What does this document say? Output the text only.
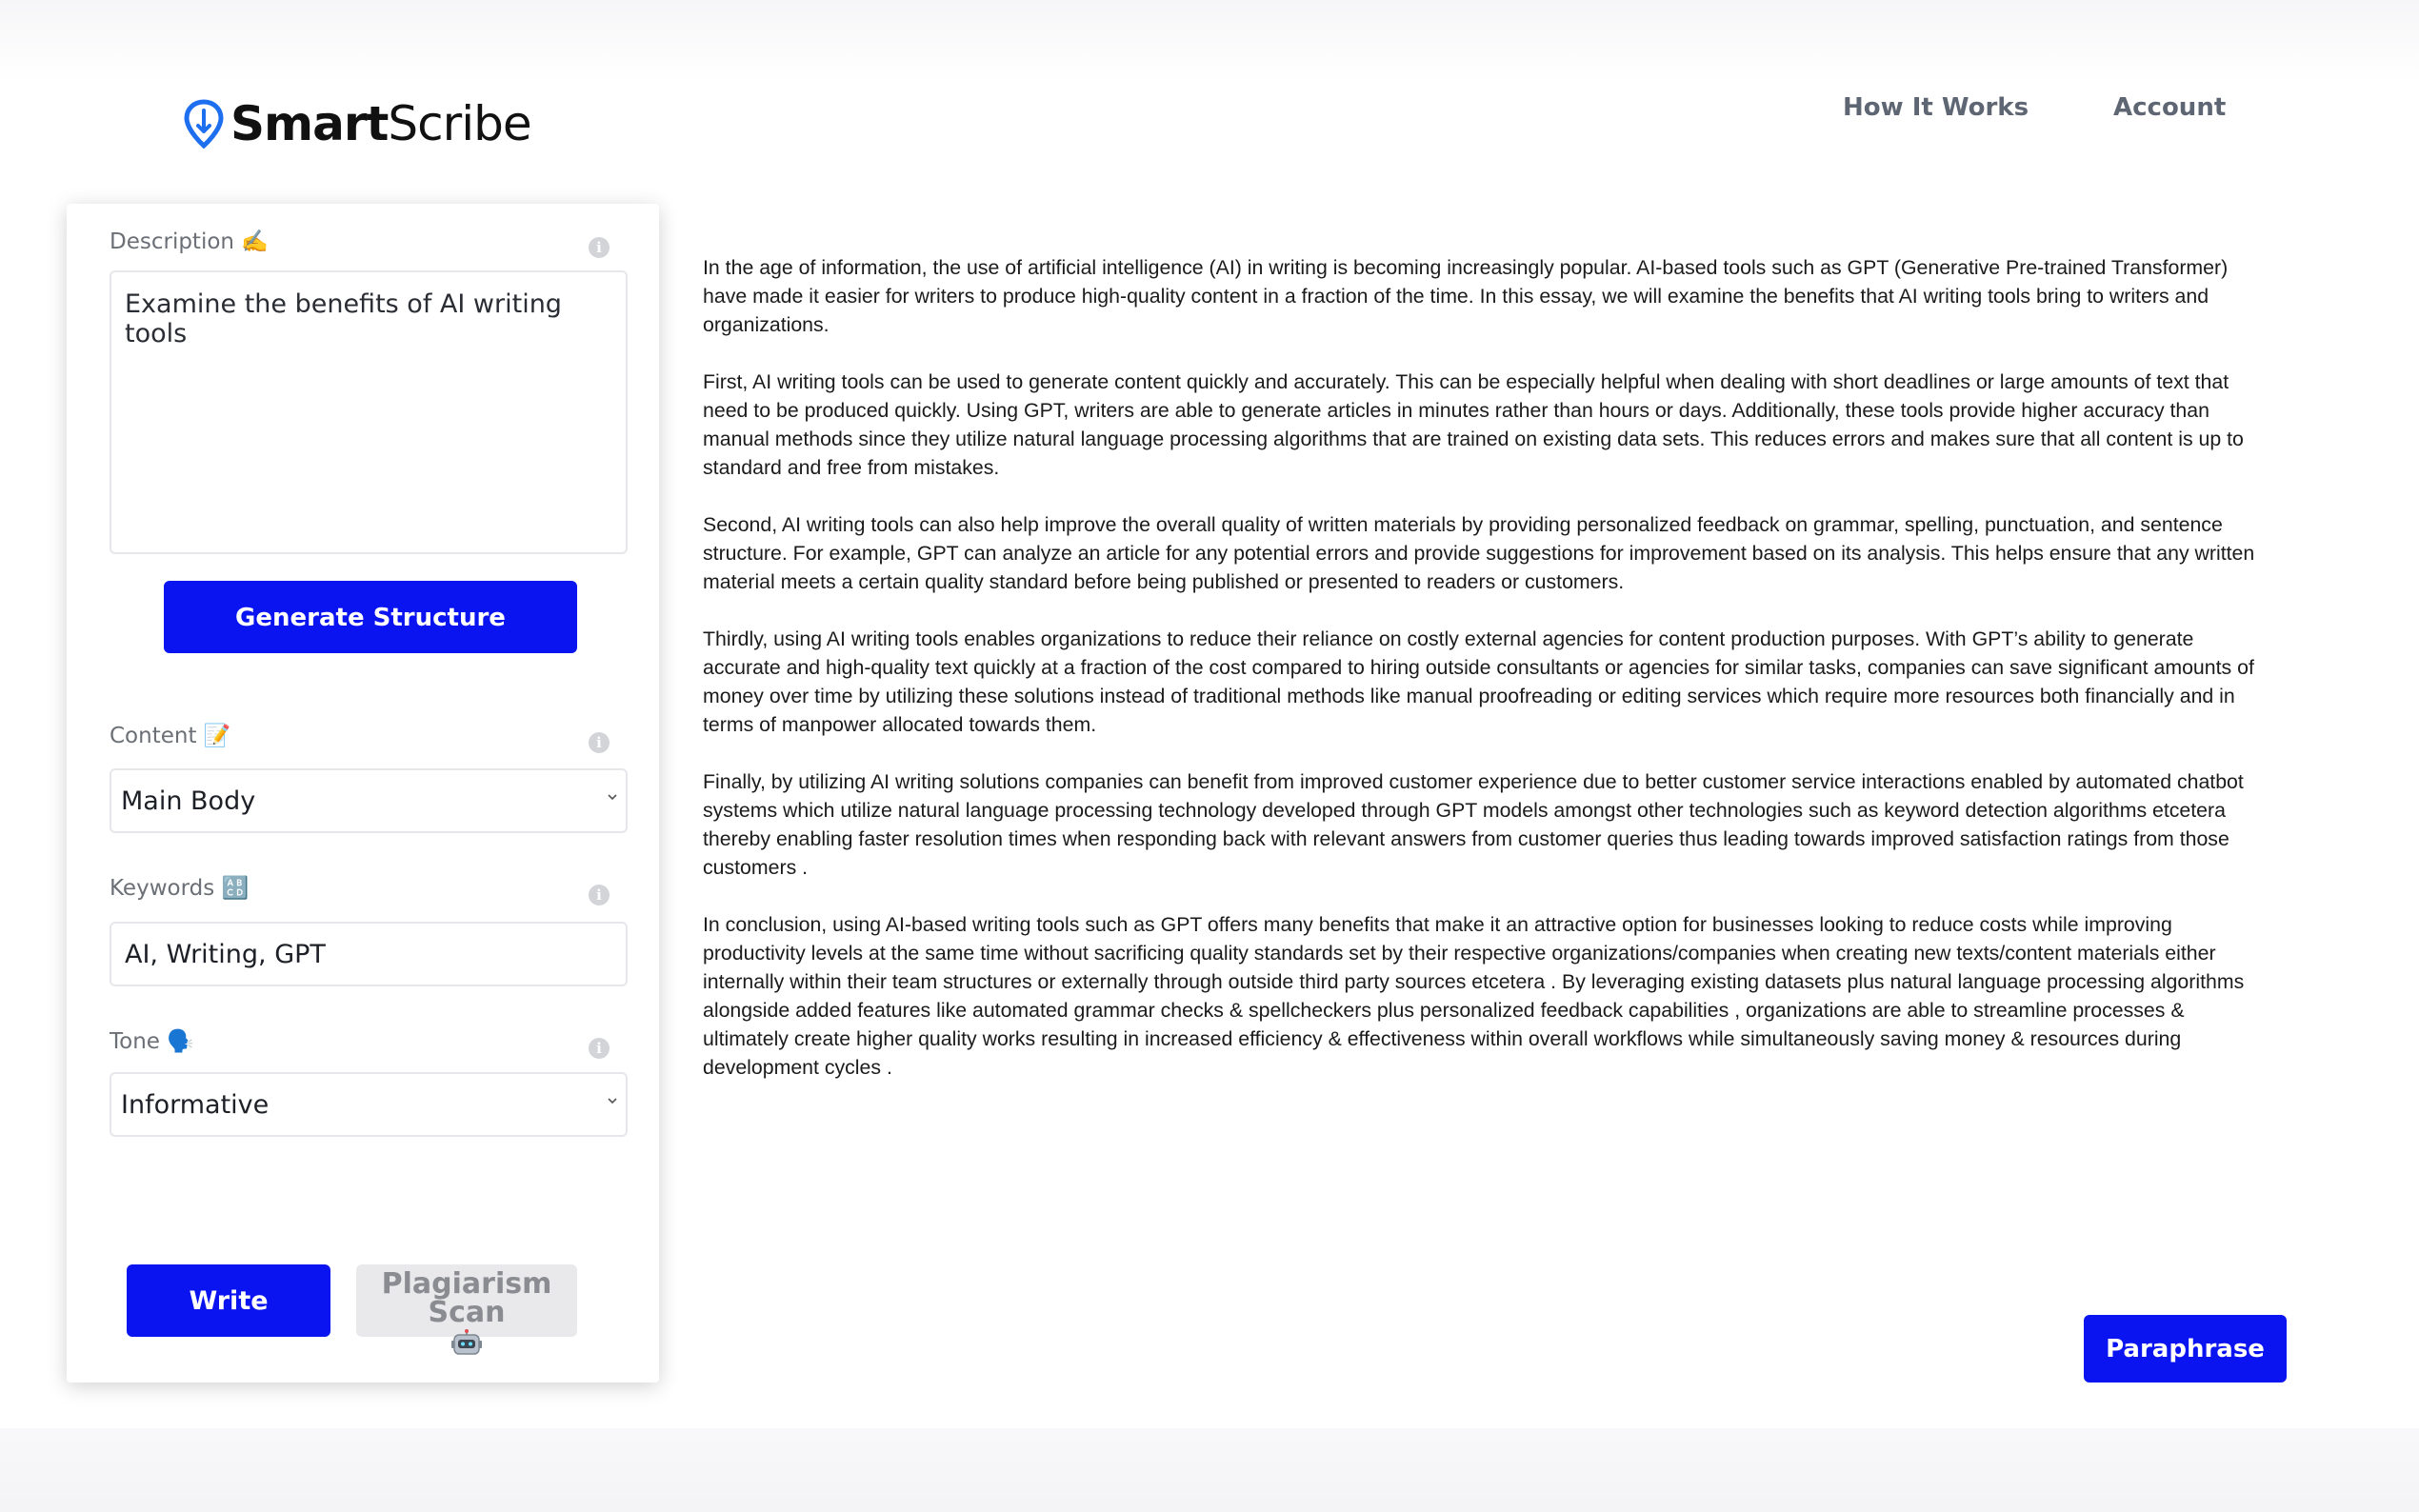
SmartScribe	How It Works	Account
Description ✍️	i
Examine the benefits of AI writing tools
Generate Structure
Content 📝	i
Main Body
Keywords 🔠	i
AI, Writing, GPT
Tone 🗣️	i
Informative
Write
Plagiarism Scan

In the age of information, the use of artificial intelligence (AI) in writing is becoming increasingly popular. AI-based tools such as GPT (Generative Pre-trained Transformer) have made it easier for writers to produce high-quality content in a fraction of the time. In this essay, we will examine the benefits that AI writing tools bring to writers and organizations.

First, AI writing tools can be used to generate content quickly and accurately. This can be especially helpful when dealing with short deadlines or large amounts of text that need to be produced quickly. Using GPT, writers are able to generate articles in minutes rather than hours or days. Additionally, these tools provide higher accuracy than manual methods since they utilize natural language processing algorithms that are trained on existing data sets. This reduces errors and makes sure that all content is up to standard and free from mistakes.

Second, AI writing tools can also help improve the overall quality of written materials by providing personalized feedback on grammar, spelling, punctuation, and sentence structure. For example, GPT can analyze an article for any potential errors and provide suggestions for improvement based on its analysis. This helps ensure that any written material meets a certain quality standard before being published or presented to readers or customers.

Thirdly, using AI writing tools enables organizations to reduce their reliance on costly external agencies for content production purposes. With GPT’s ability to generate accurate and high-quality text quickly at a fraction of the cost compared to hiring outside consultants or agencies for similar tasks, companies can save significant amounts of money over time by utilizing these solutions instead of traditional methods like manual proofreading or editing services which require more resources both financially and in terms of manpower allocated towards them.

Finally, by utilizing AI writing solutions companies can benefit from improved customer experience due to better customer service interactions enabled by automated chatbot systems which utilize natural language processing technology developed through GPT models amongst other technologies such as keyword detection algorithms etcetera thereby enabling faster resolution times when responding back with relevant answers from customer queries thus leading towards improved satisfaction ratings from those customers .

In conclusion, using AI-based writing tools such as GPT offers many benefits that make it an attractive option for businesses looking to reduce costs while improving productivity levels at the same time without sacrificing quality standards set by their respective organizations/companies when creating new texts/content materials either internally within their team structures or externally through outside third party sources etcetera . By leveraging existing datasets plus natural language processing algorithms alongside added features like automated grammar checks & spellcheckers plus personalized feedback capabilities , organizations are able to streamline processes & ultimately create higher quality works resulting in increased efficiency & effectiveness within overall workflows while simultaneously saving money & resources during development cycles .

Paraphrase
